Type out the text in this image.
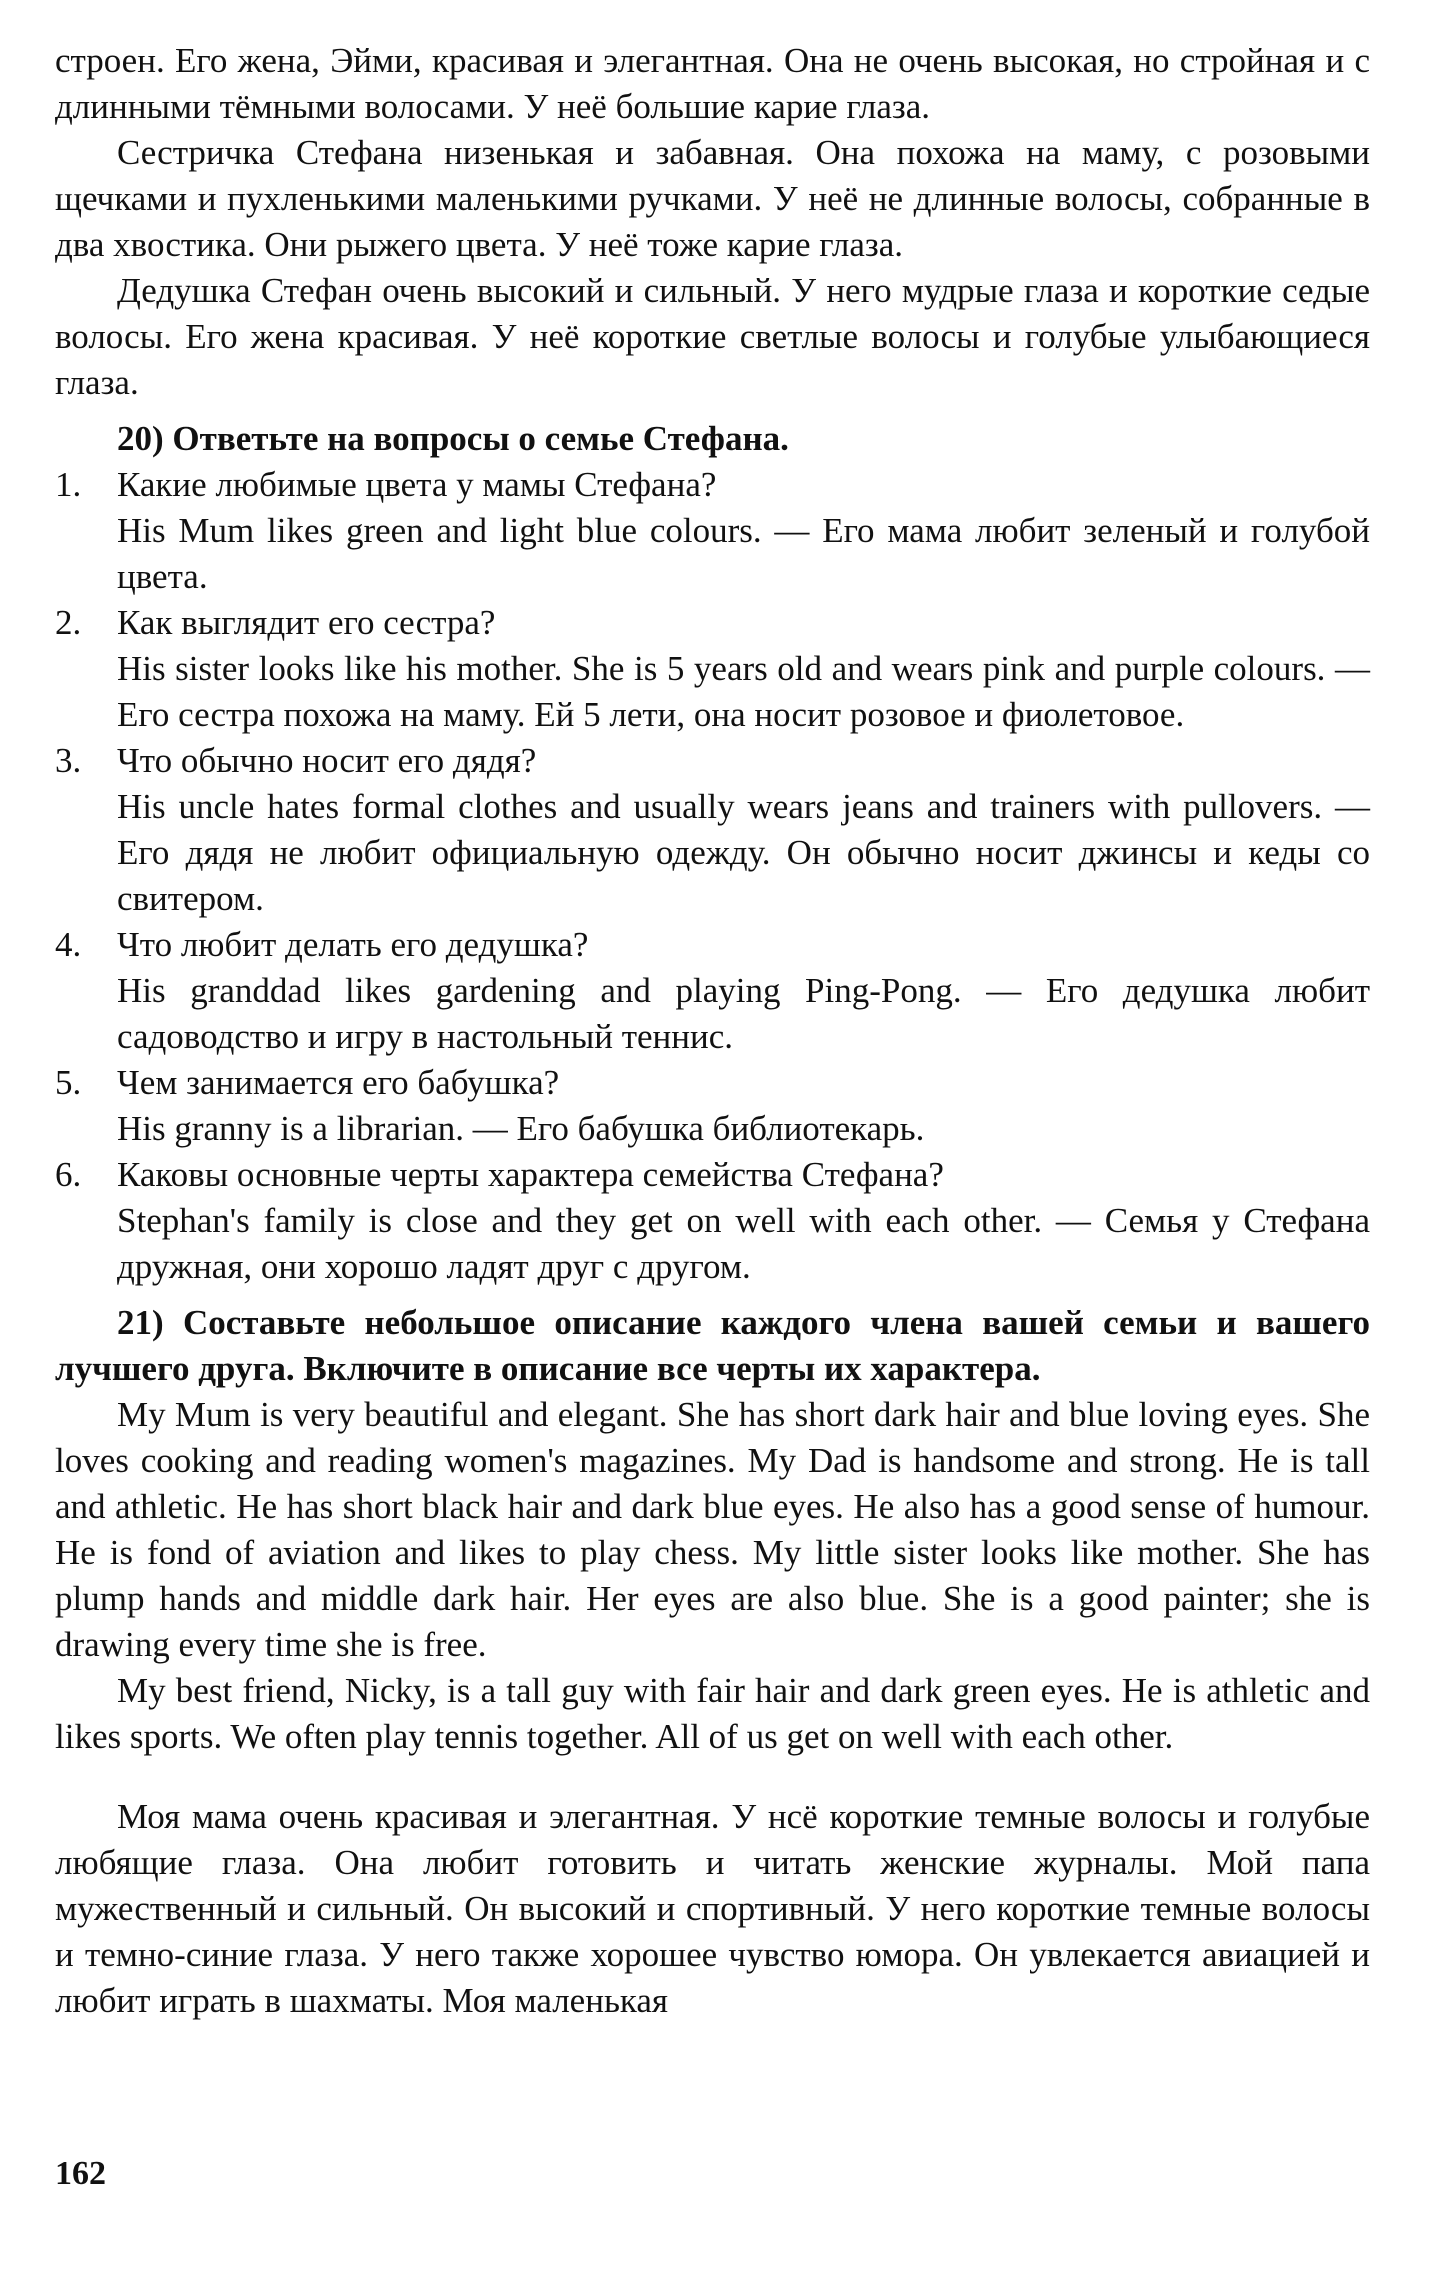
строен. Его жена, Эйми, красивая и элегантная. Она не очень высокая, но стройная и с длинными тёмными волосами. У неё большие карие глаза.

Сестричка Стефана низенькая и забавная. Она похожа на маму, с розовыми щечками и пухленькими маленькими ручками. У неё не длинные волосы, собранные в два хвостика. Они рыжего цвета. У неё тоже карие глаза.

Дедушка Стефан очень высокий и сильный. У него мудрые глаза и короткие седые волосы. Его жена красивая. У неё короткие светлые волосы и голубые улыбающиеся глаза.

20) Ответьте на вопросы о семье Стефана.

1. Какие любимые цвета у мамы Стефана?

His Mum likes green and light blue colours. — Его мама любит зеленый и голубой цвета.

2. Как выглядит его сестра?

His sister looks like his mother. She is 5 years old and wears pink and purple colours. — Его сестра похожа на маму. Ей 5 лети, она носит розовое и фиолетовое.

3. Что обычно носит его дядя?

His uncle hates formal clothes and usually wears jeans and trainers with pullovers. — Его дядя не любит официальную одежду. Он обычно носит джинсы и кеды со свитером.

4. Что любит делать его дедушка?

His granddad likes gardening and playing Ping-Pong. — Его дедушка любит садоводство и игру в настольный теннис.

5. Чем занимается его бабушка?

His granny is a librarian. — Его бабушка библиотекарь.

6. Каковы основные черты характера семейства Стефана?

Stephan's family is close and they get on well with each other. — Семья у Стефана дружная, они хорошо ладят друг с другом.

21) Составьте небольшое описание каждого члена вашей семьи и вашего лучшего друга. Включите в описание все черты их характера.

My Mum is very beautiful and elegant. She has short dark hair and blue loving eyes. She loves cooking and reading women's magazines. My Dad is handsome and strong. He is tall and athletic. He has short black hair and dark blue eyes. He also has a good sense of humour. He is fond of aviation and likes to play chess. My little sister looks like mother. She has plump hands and middle dark hair. Her eyes are also blue. She is a good painter; she is drawing every time she is free.

My best friend, Nicky, is a tall guy with fair hair and dark green eyes. He is athletic and likes sports. We often play tennis together. All of us get on well with each other.

Моя мама очень красивая и элегантная. У нсё короткие темные волосы и голубые любящие глаза. Она любит готовить и читать женские журналы. Мой папа мужественный и сильный. Он высокий и спортивный. У него короткие темные волосы и темно-синие глаза. У него также хорошее чувство юмора. Он увлекается авиацией и любит играть в шахматы. Моя маленькая

162
